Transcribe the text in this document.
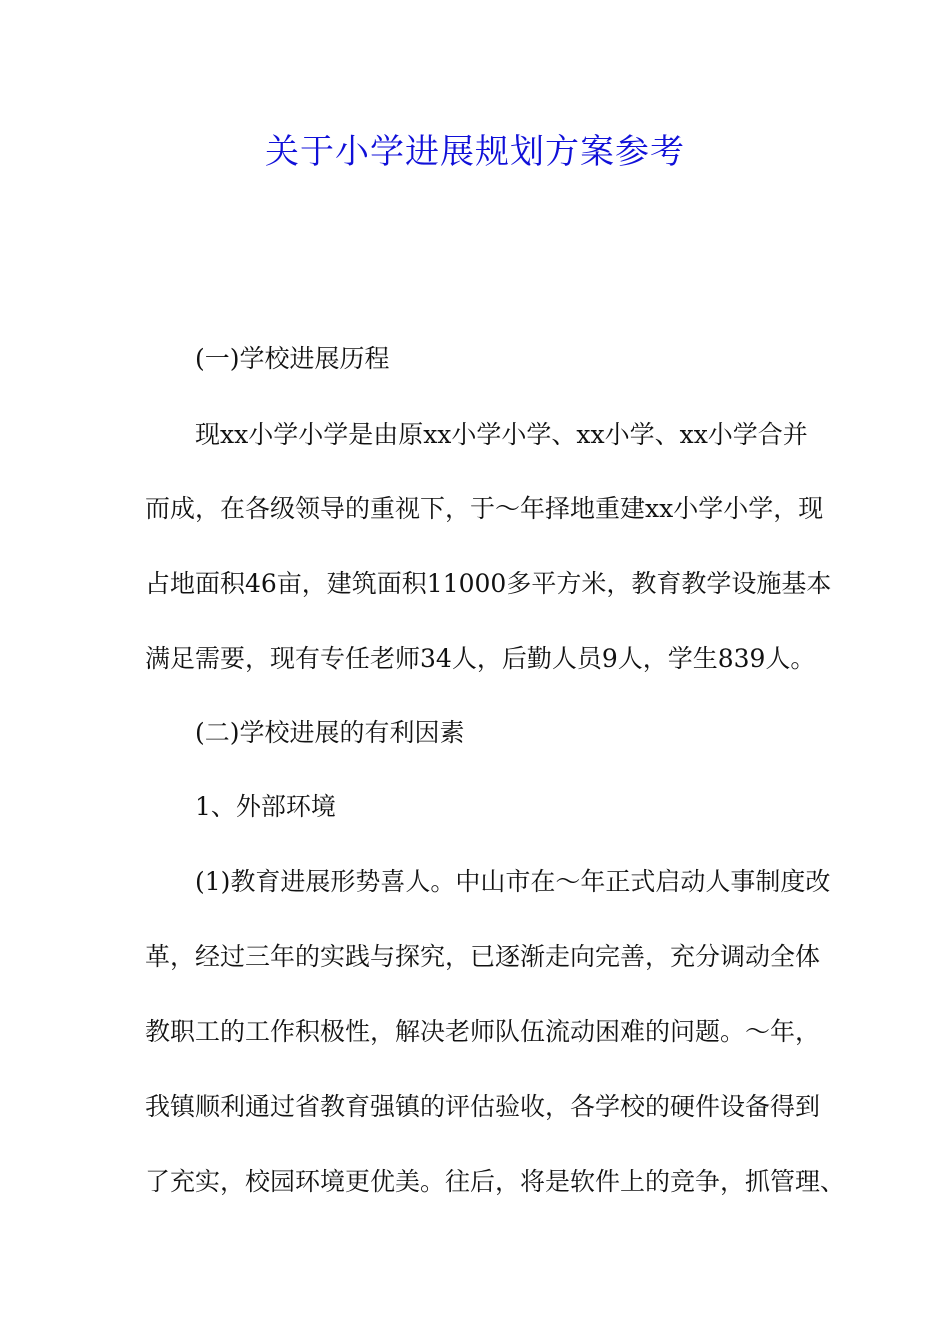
关于小学进展规划方案参考
(一)学校进展历程
现xx小学小学是由原xx小学小学、xx小学、xx小学合并
而成，在各级领导的重视下，于～年择地重建xx小学小学，现
占地面积46亩，建筑面积11000多平方米，教育教学设施基本
满足需要，现有专任老师34人，后勤人员9人，学生839人。
(二)学校进展的有利因素
1、外部环境
(1)教育进展形势喜人。中山市在～年正式启动人事制度改
革，经过三年的实践与探究，已逐渐走向完善，充分调动全体
教职工的工作积极性，解决老师队伍流动困难的问题。～年，
我镇顺利通过省教育强镇的评估验收，各学校的硬件设备得到
了充实，校园环境更优美。往后，将是软件上的竞争，抓管理、
